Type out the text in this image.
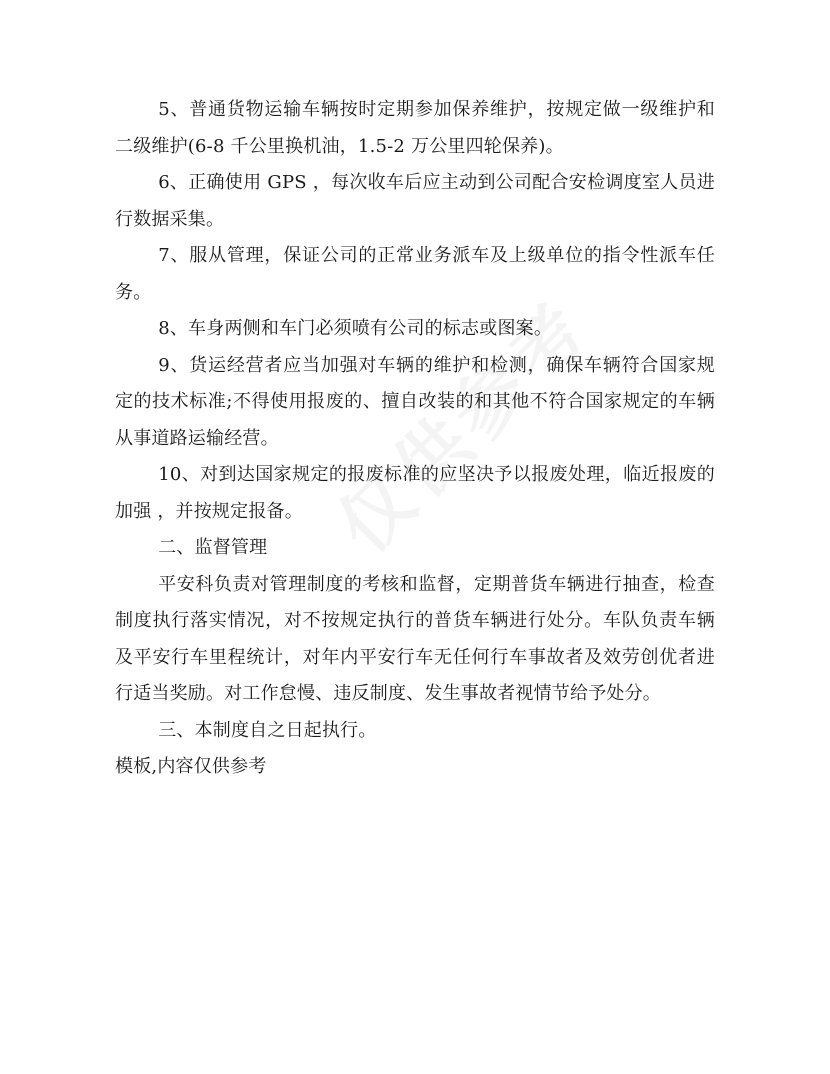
5、普通货物运输车辆按时定期参加保养维护，按规定做一级维护和二级维护(6-8 千公里换机油，1.5-2 万公里四轮保养)。

6、正确使用 GPS ，每次收车后应主动到公司配合安检调度室人员进行数据采集。

7、服从管理，保证公司的正常业务派车及上级单位的指令性派车任务。

8、车身两侧和车门必须喷有公司的标志或图案。

9、货运经营者应当加强对车辆的维护和检测，确保车辆符合国家规定的技术标准;不得使用报废的、擅自改装的和其他不符合国家规定的车辆从事道路运输经营。

10、对到达国家规定的报废标准的应坚决予以报废处理，临近报废的加强 ，并按规定报备。

二、监督管理

平安科负责对管理制度的考核和监督，定期普货车辆进行抽查，检查制度执行落实情况，对不按规定执行的普货车辆进行处分。车队负责车辆及平安行车里程统计，对年内平安行车无任何行车事故者及效劳创优者进行适当奖励。对工作怠慢、违反制度、发生事故者视情节给予处分。

三、本制度自之日起执行。

模板,内容仅供参考
